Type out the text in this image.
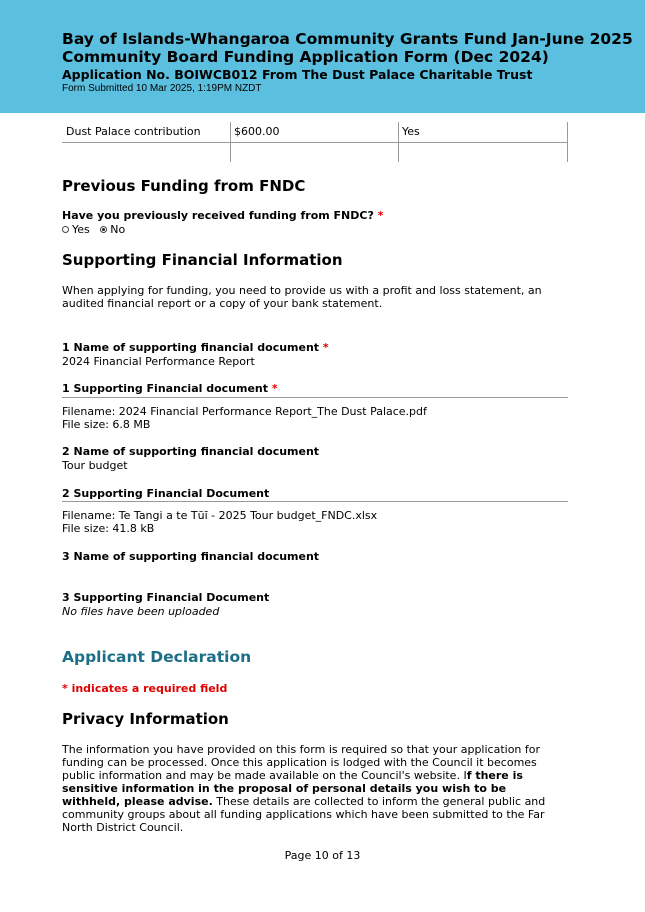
Bay of Islands-Whangaroa Community Grants Fund Jan-June 2025
Community Board Funding Application Form (Dec 2024)
Application No. BOIWCB012 From The Dust Palace Charitable Trust
Form Submitted 10 Mar 2025, 1:19PM NZDT
Dust Palace contribution	$600.00	Yes
Previous Funding from FNDC
Have you previously received funding from FNDC? *
Yes No
Supporting Financial Information
When applying for funding, you need to provide us with a profit and loss statement, an audited financial report or a copy of your bank statement.
1 Name of supporting financial document *
2024 Financial Performance Report
1 Supporting Financial document *
Filename: 2024 Financial Performance Report_The Dust Palace.pdf
File size: 6.8 MB
2 Name of supporting financial document
Tour budget
2 Supporting Financial Document
Filename: Te Tangi a te Tūī - 2025 Tour budget_FNDC.xlsx
File size: 41.8 kB
3 Name of supporting financial document
3 Supporting Financial Document
No files have been uploaded
Applicant Declaration
* indicates a required field
Privacy Information
The information you have provided on this form is required so that your application for funding can be processed. Once this application is lodged with the Council it becomes public information and may be made available on the Council's website. If there is sensitive information in the proposal of personal details you wish to be withheld, please advise. These details are collected to inform the general public and community groups about all funding applications which have been submitted to the Far North District Council.
Page 10 of 13
